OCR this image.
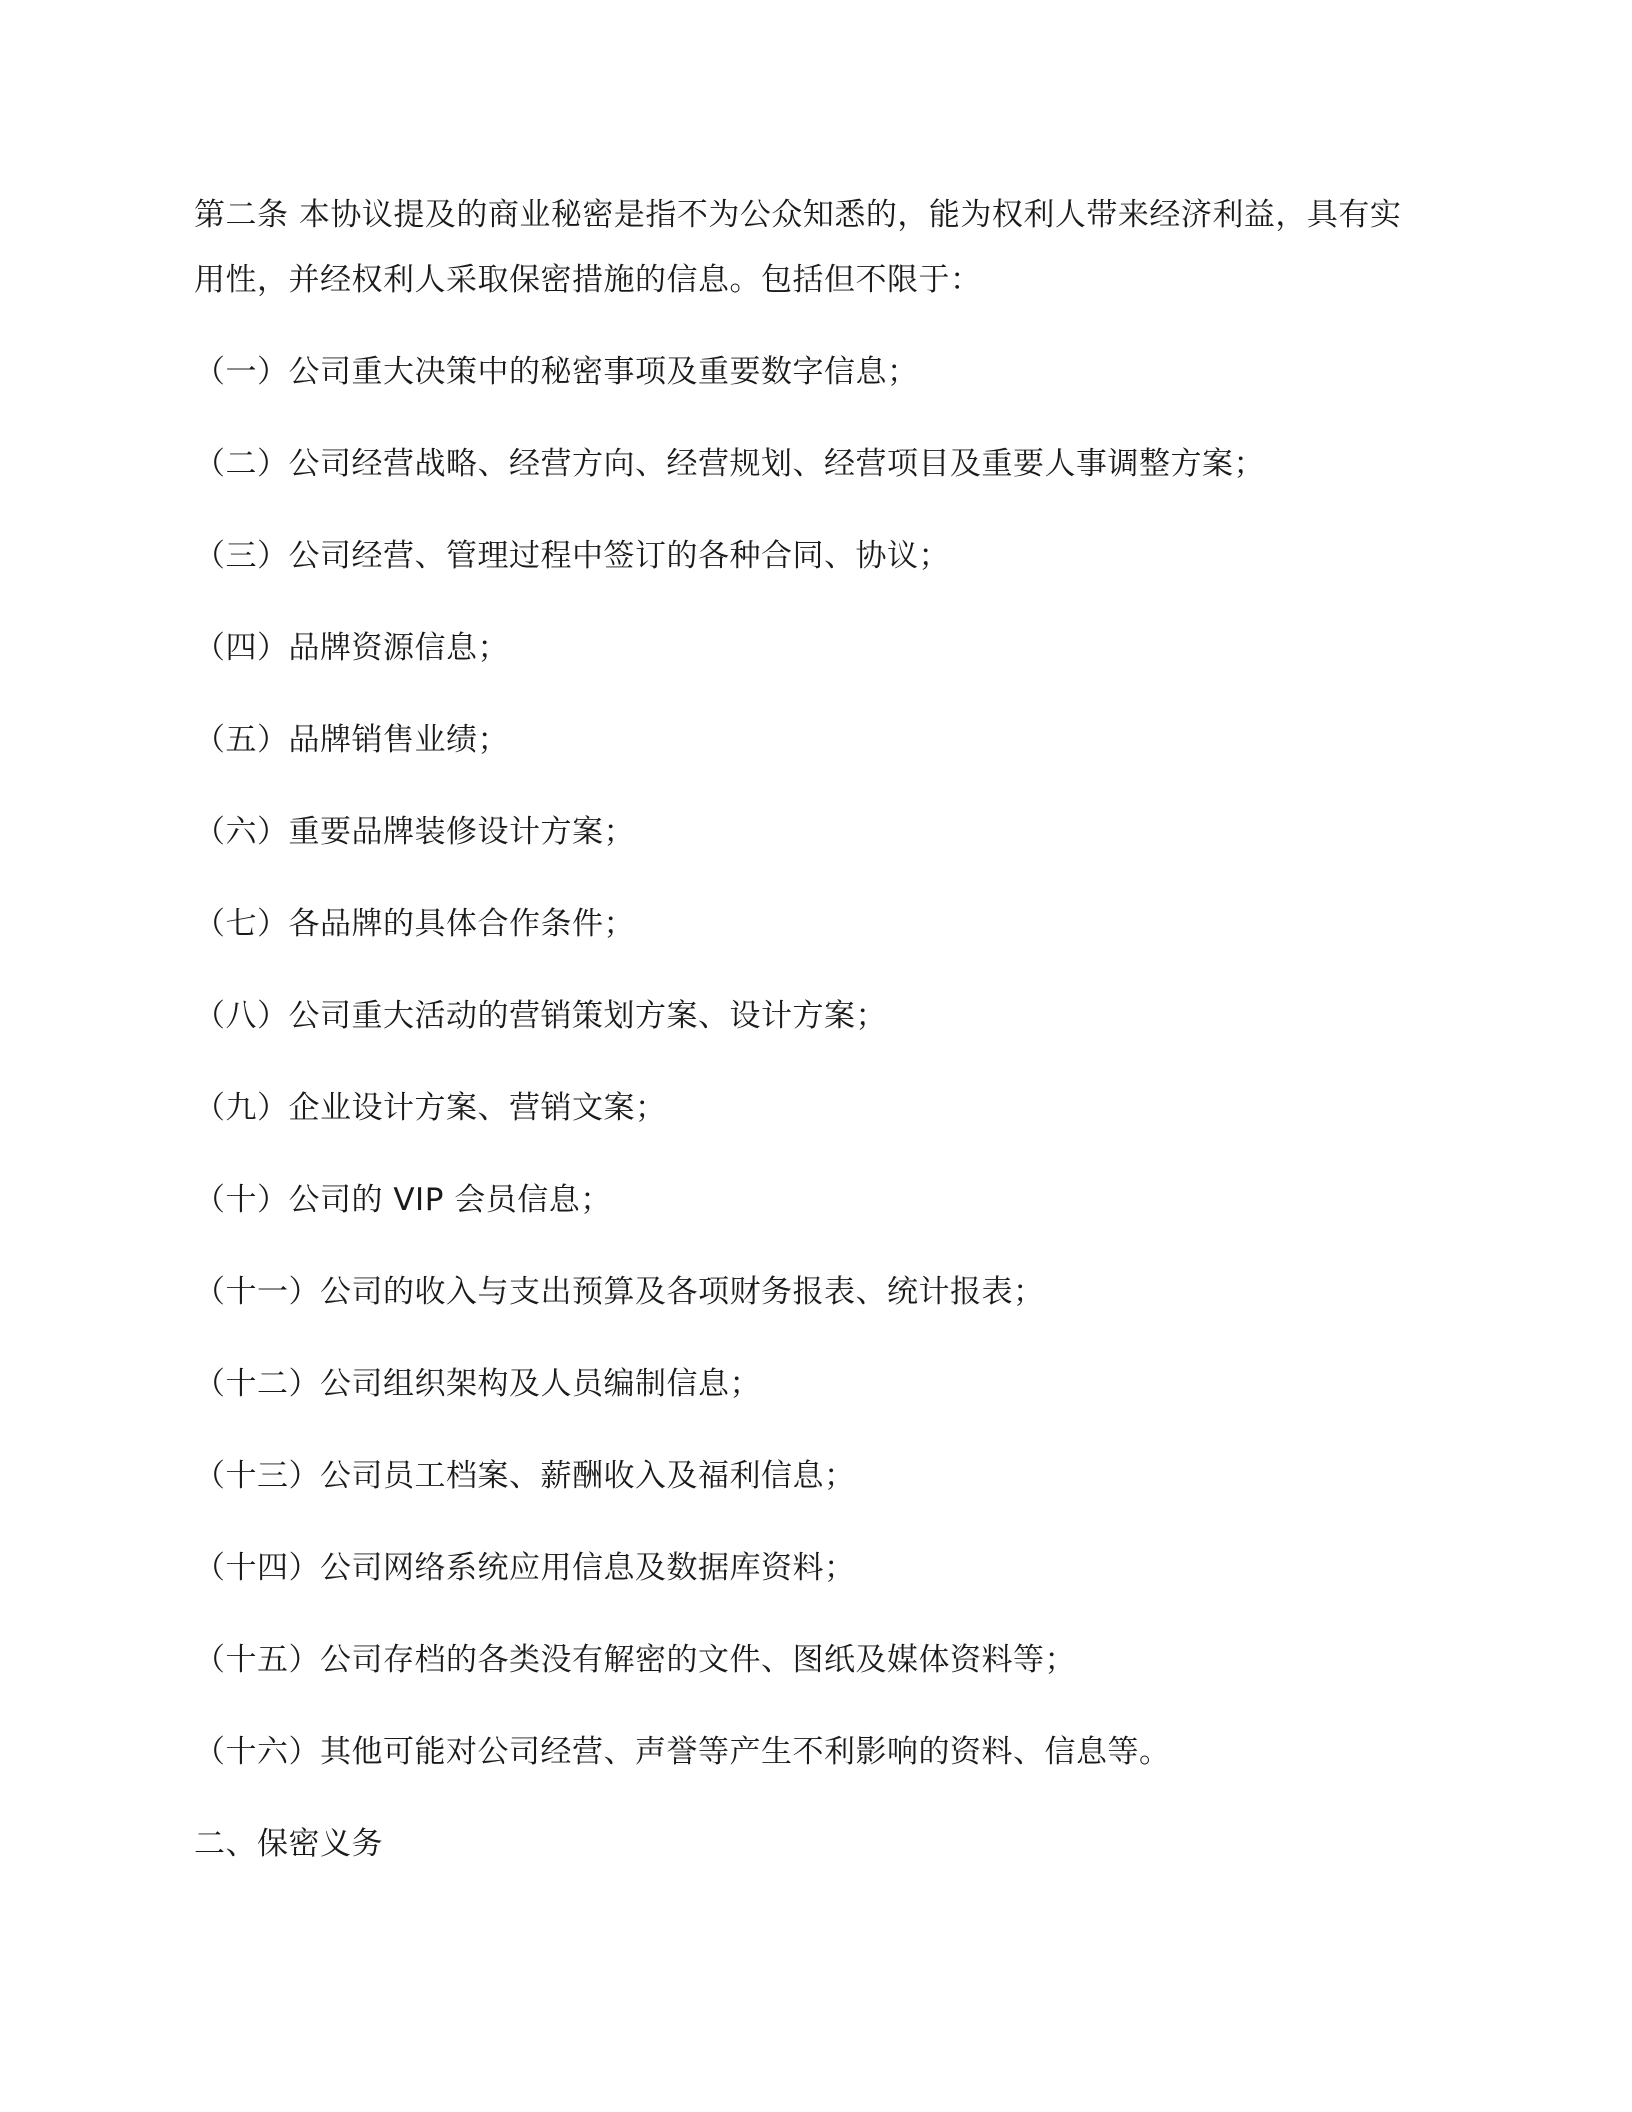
第二条 本协议提及的商业秘密是指不为公众知悉的，能为权利人带来经济利益，具有实
用性，并经权利人采取保密措施的信息。包括但不限于：
（一）公司重大决策中的秘密事项及重要数字信息；
（二）公司经营战略、经营方向、经营规划、经营项目及重要人事调整方案；
（三）公司经营、管理过程中签订的各种合同、协议；
（四）品牌资源信息；
（五）品牌销售业绩；
（六）重要品牌装修设计方案；
（七）各品牌的具体合作条件；
（八）公司重大活动的营销策划方案、设计方案；
（九）企业设计方案、营销文案；
（十）公司的 VIP 会员信息；
（十一）公司的收入与支出预算及各项财务报表、统计报表；
（十二）公司组织架构及人员编制信息；
（十三）公司员工档案、薪酬收入及福利信息；
（十四）公司网络系统应用信息及数据库资料；
（十五）公司存档的各类没有解密的文件、图纸及媒体资料等；
（十六）其他可能对公司经营、声誉等产生不利影响的资料、信息等。
二、保密义务
